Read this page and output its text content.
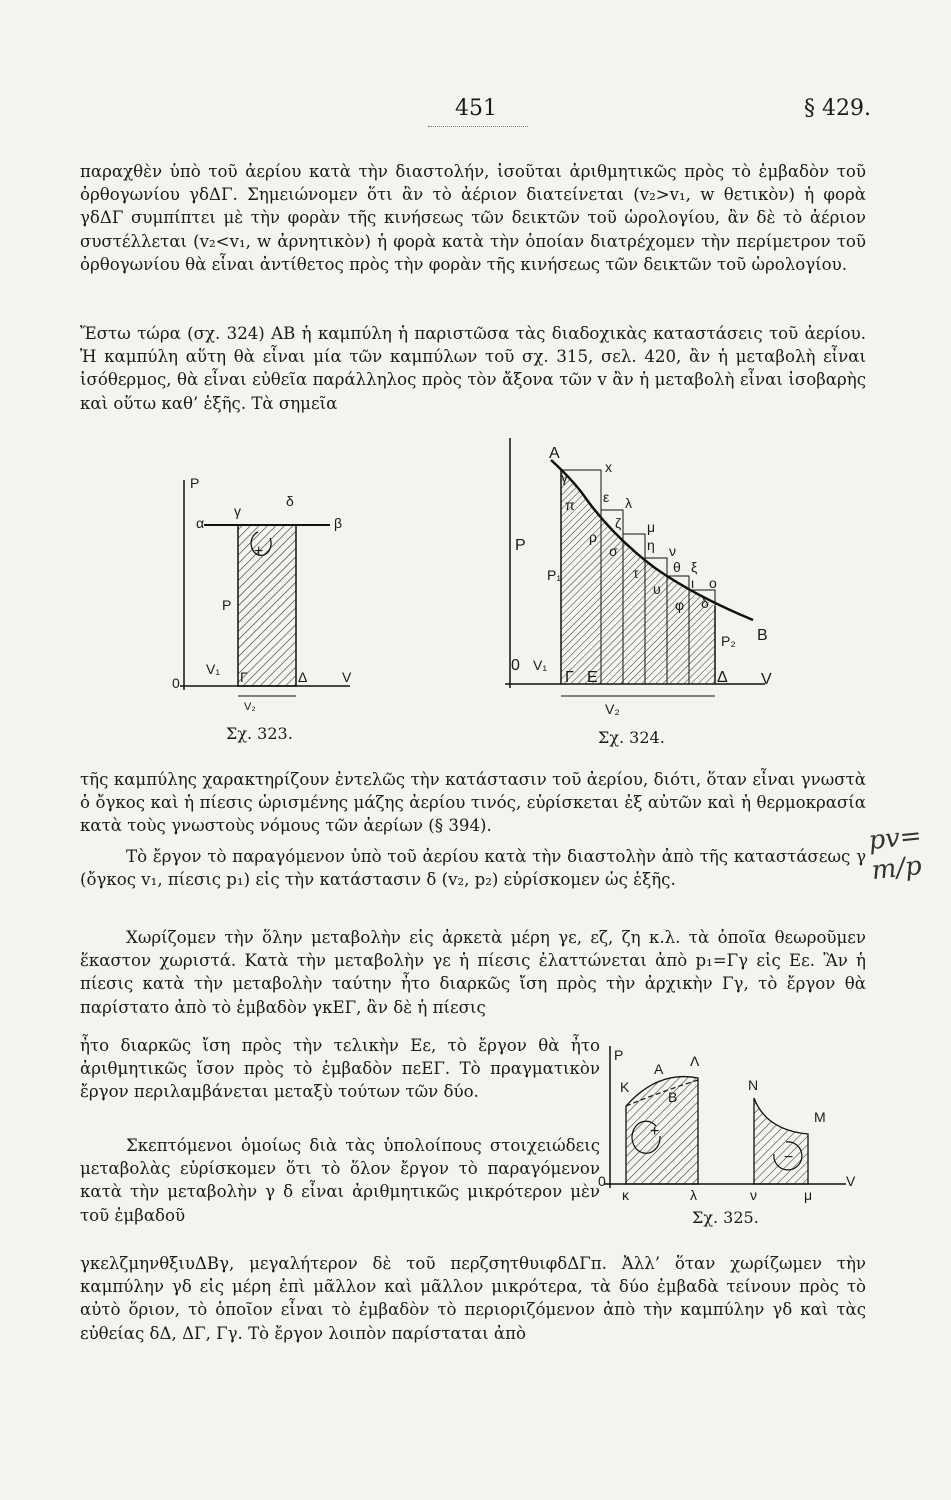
451	§ 429.
παραχθὲν ὑπὸ τοῦ ἀερίου κατὰ τὴν διαστολήν, ἰσοῦται ἀριθμητικῶς πρὸς τὸ ἐμβαδὸν τοῦ ὀρθογωνίου γδΔΓ. Σημειώνομεν ὅτι ἂν τὸ ἀέριον διατείνεται (v₂>v₁, w θετικὸν) ἡ φορὰ γδΔΓ συμπίπτει μὲ τὴν φορὰν τῆς κινήσεως τῶν δεικτῶν τοῦ ὡρολογίου, ἂν δὲ τὸ ἀέριον συστέλλεται (v₂<v₁, w ἀρνητικὸν) ἡ φορὰ κατὰ τὴν ὁποίαν διατρέχομεν τὴν περίμετρον τοῦ ὀρθογωνίου θὰ εἶναι ἀντίθετος πρὸς τὴν φορὰν τῆς κινήσεως τῶν δεικτῶν τοῦ ὡρολογίου.
Ἔστω τώρα (σχ. 324) ΑΒ ἡ καμπύλη ἡ παριστῶσα τὰς διαδοχικὰς καταστάσεις τοῦ ἀερίου. Ἡ καμπύλη αὕτη θὰ εἶναι μία τῶν καμπύλων τοῦ σχ. 315, σελ. 420, ἂν ἡ μεταβολὴ εἶναι ἰσόθερμος, θὰ εἶναι εὐθεῖα παράλληλος πρὸς τὸν ἄξονα τῶν v ἂν ἡ μεταβολὴ εἶναι ἰσοβαρὴς καὶ οὕτω καθ’ ἑξῆς. Τὰ σημεῖα
P
α
γ
δ
β
P
+
0
V₁ Γ	Δ V
V₂
Σχ. 323.
A
γ
x
π ε λ
ζ μ
ρ
σ η ν
τ θ ξ
υ ι o
φ δ
P
P₁
P₂ B
0 V₁
Γ Ε	Δ V
V₂
Σχ. 324.
τῆς καμπύλης χαρακτηρίζουν ἐντελῶς τὴν κατάστασιν τοῦ ἀερίου, διότι, ὅταν εἶναι γνωστὰ ὁ ὄγκος καὶ ἡ πίεσις ὡρισμένης μάζης ἀερίου τινός, εὑρίσκεται ἐξ αὐτῶν καὶ ἡ θερμοκρασία κατὰ τοὺς γνωστοὺς νόμους τῶν ἀερίων (§ 394).
Τὸ ἔργον τὸ παραγόμενον ὑπὸ τοῦ ἀερίου κατὰ τὴν διαστολὴν ἀπὸ τῆς καταστάσεως γ (ὄγκος v₁, πίεσις p₁) εἰς τὴν κατάστασιν δ (v₂, p₂) εὑρίσκομεν ὡς ἑξῆς.
Χωρίζομεν τὴν ὅλην μεταβολὴν εἰς ἀρκετὰ μέρη γε, εζ, ζη κ.λ. τὰ ὁποῖα θεωροῦμεν ἕκαστον χωριστά. Κατὰ τὴν μεταβολὴν γε ἡ πίεσις ἐλαττώνεται ἀπὸ p₁=Γγ εἰς Εε. Ἂν ἡ πίεσις κατὰ τὴν μεταβολὴν ταύτην ἦτο διαρκῶς ἴση πρὸς τὴν ἀρχικὴν Γγ, τὸ ἔργον θὰ παρίστατο ἀπὸ τὸ ἐμβαδὸν γκΕΓ, ἂν δὲ ἡ πίεσις
ἦτο διαρκῶς ἴση πρὸς τὴν τελικὴν Εε, τὸ ἔργον θὰ ἦτο ἀριθμητικῶς ἴσον πρὸς τὸ ἐμβαδὸν πεΕΓ. Τὸ πραγματικὸν ἔργον περιλαμβάνεται μεταξὺ τούτων τῶν δύο.
Σκεπτόμενοι ὁμοίως διὰ τὰς ὑπολοίπους στοιχειώδεις μεταβολὰς εὑρίσκομεν ὅτι τὸ ὅλον ἔργον τὸ παραγόμενον κατὰ τὴν μεταβολὴν γ δ εἶναι ἀριθμητικῶς μικρότερον μὲν τοῦ ἐμβαδοῦ
P
K
A Λ
B
+
N
M
−
0	V
κ	λ	ν	μ
Σχ. 325.
γκελζμηνθξιυΔΒγ, μεγαλήτερον δὲ τοῦ περζσητθυιφδΔΓπ. Ἀλλ’ ὅταν χωρίζωμεν τὴν καμπύλην γδ εἰς μέρη ἐπὶ μᾶλλον καὶ μᾶλλον μικρότερα, τὰ δύο ἐμβαδὰ τείνουν πρὸς τὸ αὐτὸ ὅριον, τὸ ὁποῖον εἶναι τὸ ἐμβαδὸν τὸ περιοριζόμενον ἀπὸ τὴν καμπύλην γδ καὶ τὰς εὐθείας δΔ, ΔΓ, Γγ. Τὸ ἔργον λοιπὸν παρίσταται ἀπὸ
pv= m/p
